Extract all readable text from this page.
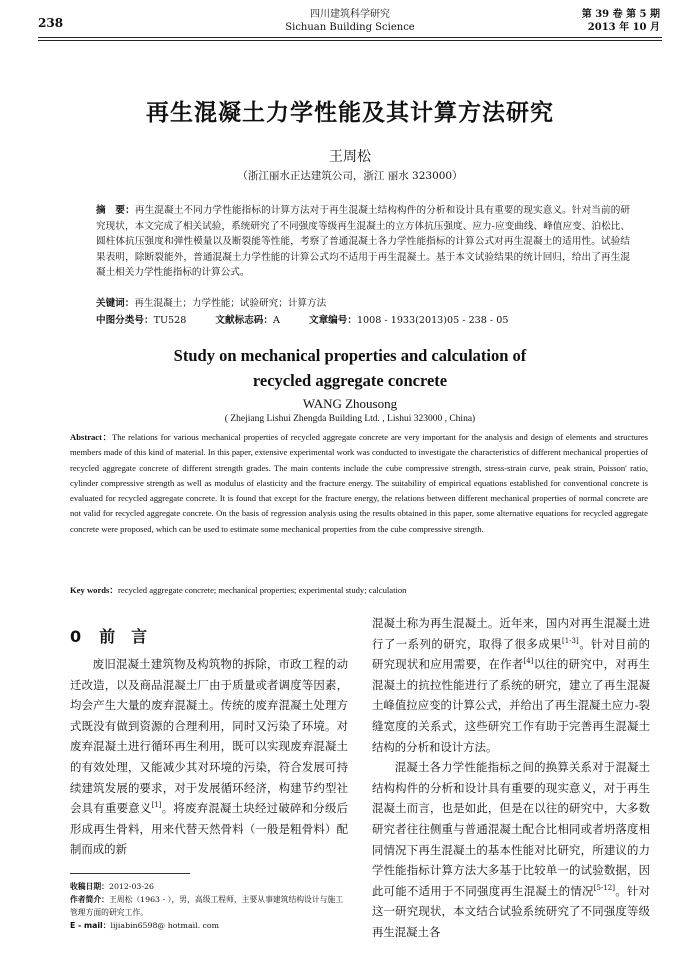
238
四川建筑科学研究
Sichuan Building Science
第 39 卷 第 5 期
2013 年 10 月
再生混凝土力学性能及其计算方法研究
王周松
（浙江丽水正达建筑公司，浙江 丽水 323000）
摘　要：再生混凝土不同力学性能指标的计算方法对于再生混凝土结构构件的分析和设计具有重要的现实意义。针对当前的研究现状，本文完成了相关试验，系统研究了不同强度等级再生混凝土的立方体抗压强度、应力-应变曲线、峰值应变、泊松比、圆柱体抗压强度和弹性模量以及断裂能等性能，考察了普通混凝土各力学性能指标的计算公式对再生混凝土的适用性。试验结果表明，除断裂能外，普通混凝土力学性能的计算公式均不适用于再生混凝土。基于本文试验结果的统计回归，给出了再生混凝土相关力学性能指标的计算公式。
关键词：再生混凝土；力学性能；试验研究；计算方法
中图分类号：TU528	文献标志码：A	文章编号：1008 - 1933(2013)05 - 238 - 05
Study on mechanical properties and calculation of
recycled aggregate concrete
WANG Zhousong
( Zhejiang Lishui Zhengda Building Ltd. , Lishui 323000 , China)
Abstract：The relations for various mechanical properties of recycled aggregate concrete are very important for the analysis and design of elements and structures members made of this kind of material. In this paper, extensive experimental work was conducted to investigate the characteristics of different mechanical properties of recycled aggregate concrete of different strength grades. The main contents include the cube compressive strength, stress-strain curve, peak strain, Poisson' ratio, cylinder compressive strength as well as modulus of elasticity and the fracture energy. The suitability of empirical equations established for conventional concrete is evaluated for recycled aggregate concrete. It is found that except for the fracture energy, the relations between different mechanical properties of normal concrete are not valid for recycled aggregate concrete. On the basis of regression analysis using the results obtained in this paper, some alternative equations for recycled aggregate concrete were proposed, which can be used to estimate some mechanical properties from the cube compressive strength.
Key words：recycled aggregate concrete; mechanical properties; experimental study; calculation
0 前　言
废旧混凝土建筑物及构筑物的拆除，市政工程的动迁改造，以及商品混凝土厂由于质量或者调度等因素，均会产生大量的废弃混凝土。传统的废弃混凝土处理方式既没有做到资源的合理利用，同时又污染了环境。对废弃混凝土进行循环再生利用，既可以实现废弃混凝土的有效处理，又能减少其对环境的污染，符合发展可持续建筑发展的要求，对于发展循环经济，构建节约型社会具有重要意义[1]。将废弃混凝土块经过破碎和分级后形成再生骨料，用来代替天然骨料（一般是粗骨料）配制而成的新

混凝土称为再生混凝土。近年来，国内对再生混凝土进行了一系列的研究，取得了很多成果[1-3]。针对目前的研究现状和应用需要，在作者[4]以往的研究中，对再生混凝土的抗拉性能进行了系统的研究，建立了再生混凝土峰值拉应变的计算公式，并给出了再生混凝土应力-裂缝宽度的关系式，这些研究工作有助于完善再生混凝土结构的分析和设计方法。

混凝土各力学性能指标之间的换算关系对于混凝土结构构件的分析和设计具有重要的现实意义，对于再生混凝土而言，也是如此，但是在以往的研究中，大多数研究者往往侧重与普通混凝土配合比相同或者坍落度相同情况下再生混凝土的基本性能对比研究，所建议的力学性能指标计算方法大多基于比较单一的试验数据，因此可能不适用于不同强度再生混凝土的情况[5-12]。针对这一研究现状，本文结合试验系统研究了不同强度等级再生混凝土各

收稿日期：2012-03-26
作者简介：王周松（1963 - ），男，高级工程师，主要从事建筑结构设计与施工管理方面的研究工作。
E - mail：lijiabin6598@ hotmail. com
